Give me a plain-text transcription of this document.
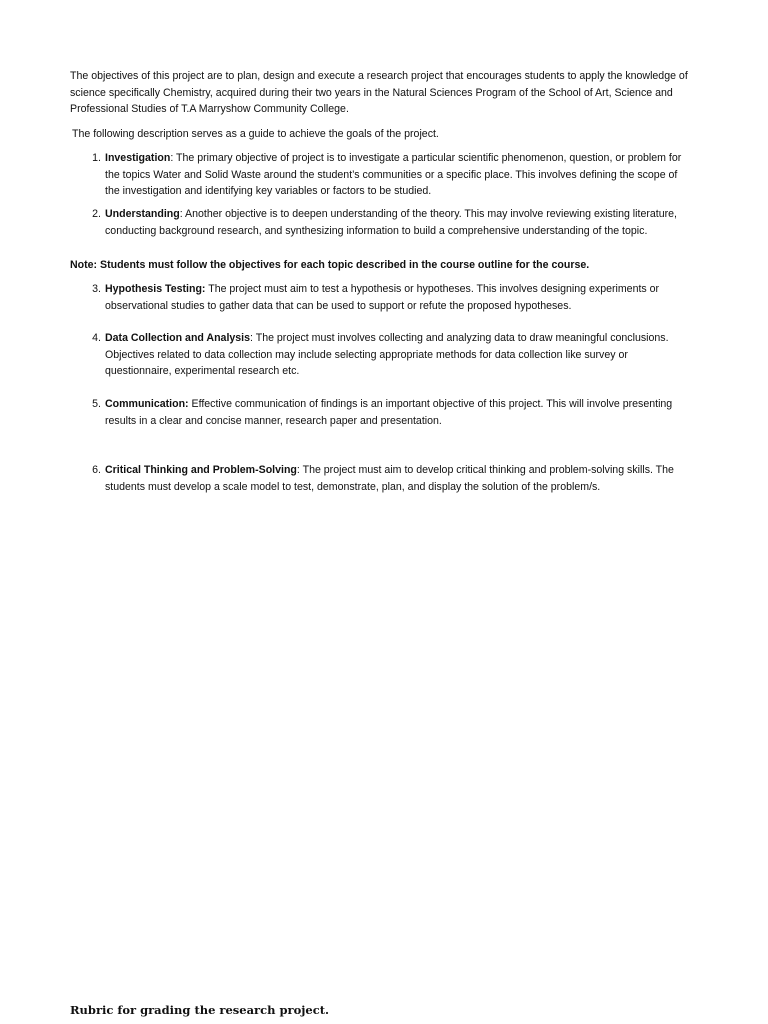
The objectives of this project are to plan, design and execute a research project that encourages students to apply the knowledge of science specifically Chemistry, acquired during their two years in the Natural Sciences Program of the School of Art, Science and Professional Studies of T.A Marryshow Community College.

The following description serves as a guide to achieve the goals of the project.

1. Investigation: The primary objective of project is to investigate a particular scientific phenomenon, question, or problem for the topics Water and Solid Waste around the student’s communities or a specific place. This involves defining the scope of the investigation and identifying key variables or factors to be studied.
2. Understanding: Another objective is to deepen understanding of the theory. This may involve reviewing existing literature, conducting background research, and synthesizing information to build a comprehensive understanding of the topic.

Note: Students must follow the objectives for each topic described in the course outline for the course.

3. Hypothesis Testing: The project must aim to test a hypothesis or hypotheses. This involves designing experiments or observational studies to gather data that can be used to support or refute the proposed hypotheses.
4. Data Collection and Analysis: The project must involves collecting and analyzing data to draw meaningful conclusions. Objectives related to data collection may include selecting appropriate methods for data collection like survey or questionnaire, experimental research etc.
5. Communication: Effective communication of findings is an important objective of this project. This will involve presenting results in a clear and concise manner, research paper and presentation.
6. Critical Thinking and Problem-Solving: The project must aim to develop critical thinking and problem-solving skills. The students must develop a scale model to test, demonstrate, plan, and display the solution of the problem/s.

Rubric for grading the research project.
